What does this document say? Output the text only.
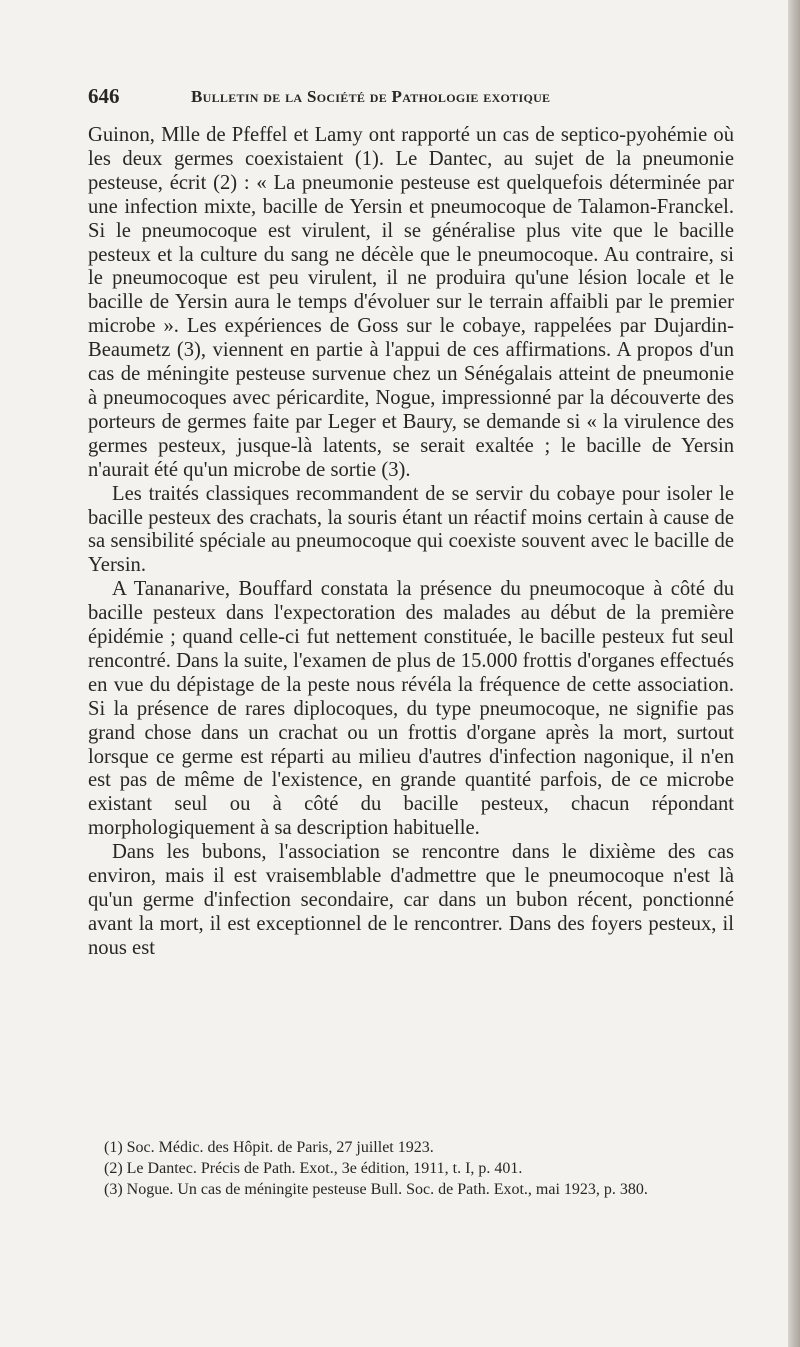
646	Bulletin de la Société de Pathologie exotique

Guinon, Mlle de Pfeffel et Lamy ont rapporté un cas de septico-pyohémie où les deux germes coexistaient (1). Le Dantec, au sujet de la pneumonie pesteuse, écrit (2) : « La pneumonie pesteuse est quelquefois déterminée par une infection mixte, bacille de Yersin et pneumocoque de Talamon-Franckel. Si le pneumocoque est virulent, il se généralise plus vite que le bacille pesteux et la culture du sang ne décèle que le pneumocoque. Au contraire, si le pneumocoque est peu virulent, il ne produira qu'une lésion locale et le bacille de Yersin aura le temps d'évoluer sur le terrain affaibli par le premier microbe ». Les expériences de Goss sur le cobaye, rappelées par Dujardin-Beaumetz (3), viennent en partie à l'appui de ces affirmations. A propos d'un cas de méningite pesteuse survenue chez un Sénégalais atteint de pneumonie à pneumocoques avec péricardite, Nogue, impressionné par la découverte des porteurs de germes faite par Leger et Baury, se demande si « la virulence des germes pesteux, jusque-là latents, se serait exaltée ; le bacille de Yersin n'aurait été qu'un microbe de sortie (3).

Les traités classiques recommandent de se servir du cobaye pour isoler le bacille pesteux des crachats, la souris étant un réactif moins certain à cause de sa sensibilité spéciale au pneumocoque qui coexiste souvent avec le bacille de Yersin.

A Tananarive, Bouffard constata la présence du pneumocoque à côté du bacille pesteux dans l'expectoration des malades au début de la première épidémie ; quand celle-ci fut nettement constituée, le bacille pesteux fut seul rencontré. Dans la suite, l'examen de plus de 15.000 frottis d'organes effectués en vue du dépistage de la peste nous révéla la fréquence de cette association. Si la présence de rares diplocoques, du type pneumocoque, ne signifie pas grand chose dans un crachat ou un frottis d'organe après la mort, surtout lorsque ce germe est réparti au milieu d'autres d'infection nagonique, il n'en est pas de même de l'existence, en grande quantité parfois, de ce microbe existant seul ou à côté du bacille pesteux, chacun répondant morphologiquement à sa description habituelle.

Dans les bubons, l'association se rencontre dans le dixième des cas environ, mais il est vraisemblable d'admettre que le pneumocoque n'est là qu'un germe d'infection secondaire, car dans un bubon récent, ponctionné avant la mort, il est exceptionnel de le rencontrer. Dans des foyers pesteux, il nous est

(1) Soc. Médic. des Hôpit. de Paris, 27 juillet 1923.
(2) Le Dantec. Précis de Path. Exot., 3e édition, 1911, t. I, p. 401.
(3) Nogue. Un cas de méningite pesteuse Bull. Soc. de Path. Exot., mai 1923, p. 380.
